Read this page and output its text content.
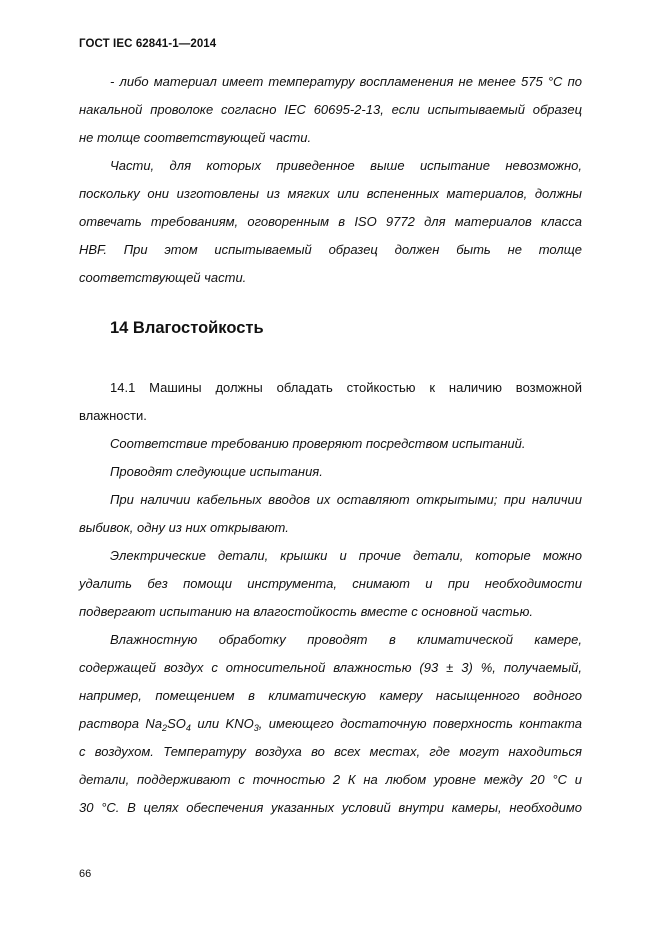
ГОСТ IEC 62841-1—2014
- либо материал имеет температуру воспламенения не менее 575 °С по
накальной проволоке согласно IEC 60695-2-13, если испытываемый образец
не толще соответствующей части.
Части, для которых приведенное выше испытание невозможно,
поскольку они изготовлены из мягких или вспененных материалов, должны
отвечать требованиям, оговоренным в ISO 9772 для материалов класса
HBF. При этом испытываемый образец должен быть не толще
соответствующей части.
14 Влагостойкость
14.1 Машины должны обладать стойкостью к наличию возможной
влажности.
Соответствие требованию проверяют посредством испытаний.
Проводят следующие испытания.
При наличии кабельных вводов их оставляют открытыми; при наличии
выбивок, одну из них открывают.
Электрические детали, крышки и прочие детали, которые можно
удалить без помощи инструмента, снимают и при необходимости
подвергают испытанию на влагостойкость вместе с основной частью.
Влажностную обработку проводят в климатической камере,
содержащей воздух с относительной влажностью (93 ± 3) %, получаемый,
например, помещением в климатическую камеру насыщенного водного
раствора $Na_2SO_4$ или $KNO_3$, имеющего достаточную поверхность контакта
с воздухом. Температуру воздуха во всех местах, где могут находиться
детали, поддерживают с точностью 2 К на любом уровне между 20 °С и
30 °С. В целях обеспечения указанных условий внутри камеры, необходимо
66
